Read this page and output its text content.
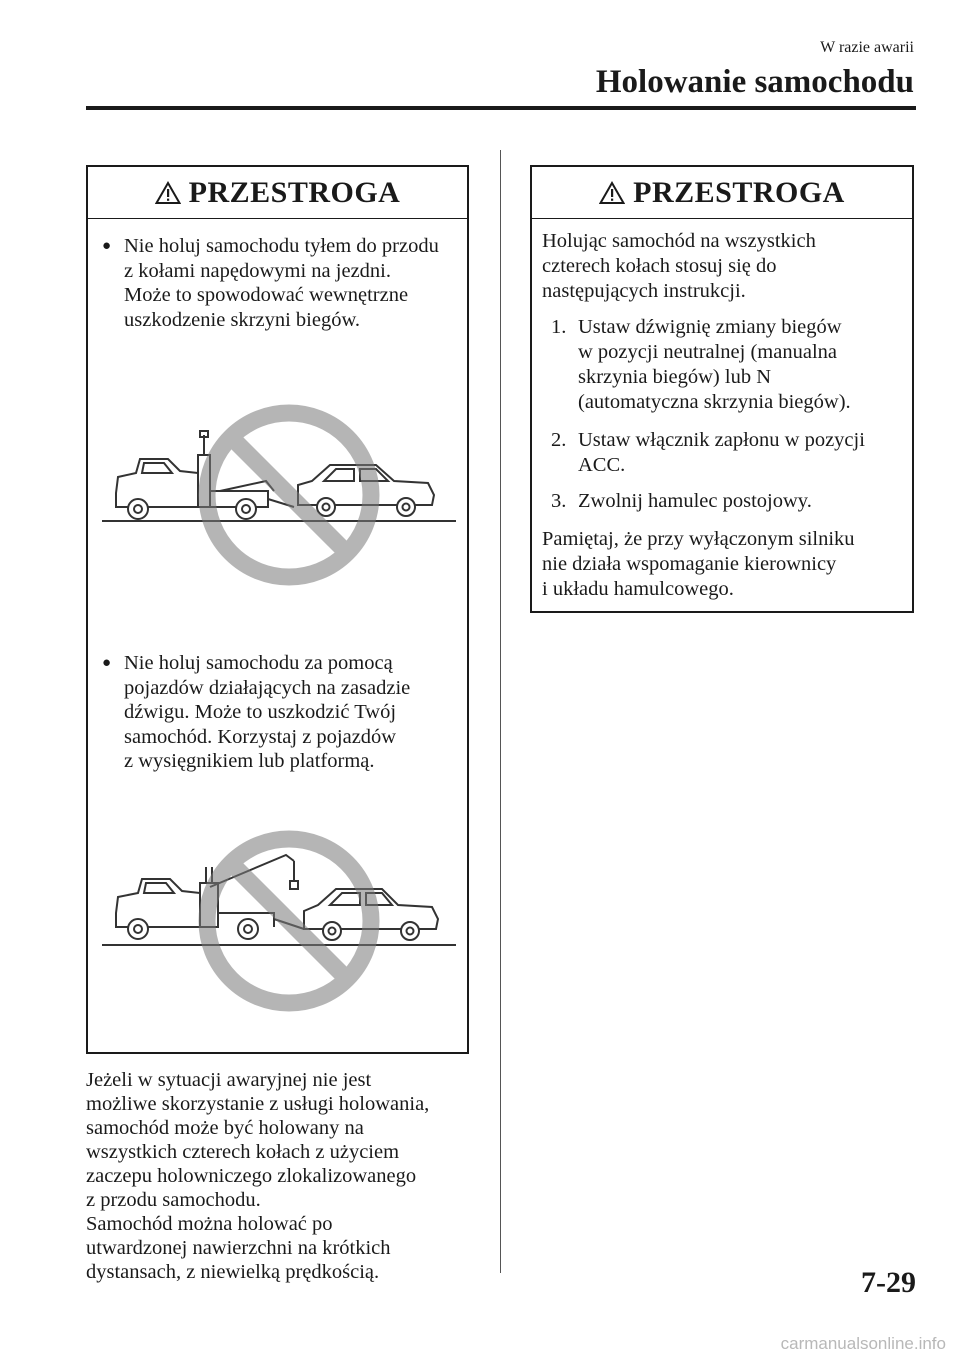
W razie awarii
Holowanie samochodu
PRZESTROGA
● Nie holuj samochodu tyłem do przodu
z kołami napędowymi na jezdni.
Może to spowodować wewnętrzne
uszkodzenie skrzyni biegów.
● Nie holuj samochodu za pomocą
pojazdów działających na zasadzie
dźwigu. Może to uszkodzić Twój
samochód. Korzystaj z pojazdów
z wysięgnikiem lub platformą.
Jeżeli w sytuacji awaryjnej nie jest
możliwe skorzystanie z usługi holowania,
samochód może być holowany na
wszystkich czterech kołach z użyciem
zaczepu holowniczego zlokalizowanego
z przodu samochodu.
Samochód można holować po
utwardzonej nawierzchni na krótkich
dystansach, z niewielką prędkością.
PRZESTROGA
Holując samochód na wszystkich
czterech kołach stosuj się do
następujących instrukcji.
1. Ustaw dźwignię zmiany biegów
w pozycji neutralnej (manualna
skrzynia biegów) lub N
(automatyczna skrzynia biegów).
2. Ustaw włącznik zapłonu w pozycji
ACC.
3. Zwolnij hamulec postojowy.
Pamiętaj, że przy wyłączonym silniku
nie działa wspomaganie kierownicy
i układu hamulcowego.
7-29
carmanualsonline.info
